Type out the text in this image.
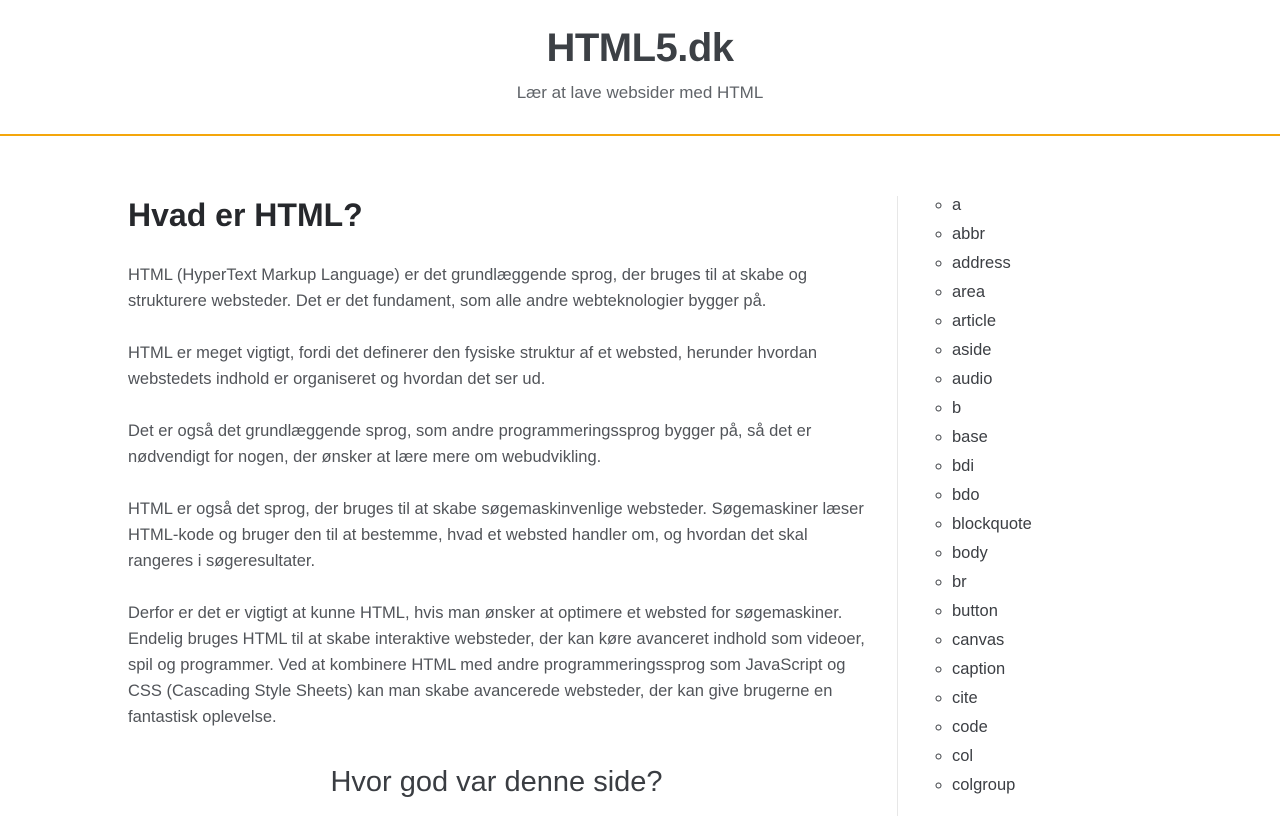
HTML5.dk

Lær at lave websider med HTML

Hvad er HTML?

HTML (HyperText Markup Language) er det grundlæggende sprog, der bruges til at skabe og strukturere websteder. Det er det fundament, som alle andre webteknologier bygger på.

HTML er meget vigtigt, fordi det definerer den fysiske struktur af et websted, herunder hvordan webstedets indhold er organiseret og hvordan det ser ud.

Det er også det grundlæggende sprog, som andre programmeringssprog bygger på, så det er nødvendigt for nogen, der ønsker at lære mere om webudvikling.

HTML er også det sprog, der bruges til at skabe søgemaskinvenlige websteder. Søgemaskiner læser HTML-kode og bruger den til at bestemme, hvad et websted handler om, og hvordan det skal rangeres i søgeresultater.

Derfor er det er vigtigt at kunne HTML, hvis man ønsker at optimere et websted for søgemaskiner. Endelig bruges HTML til at skabe interaktive websteder, der kan køre avanceret indhold som videoer, spil og programmer. Ved at kombinere HTML med andre programmeringssprog som JavaScript og CSS (Cascading Style Sheets) kan man skabe avancerede websteder, der kan give brugerne en fantastisk oplevelse.

Hvor god var denne side?
◦ a
◦ abbr
◦ address
◦ area
◦ article
◦ aside
◦ audio
◦ b
◦ base
◦ bdi
◦ bdo
◦ blockquote
◦ body
◦ br
◦ button
◦ canvas
◦ caption
◦ cite
◦ code
◦ col
◦ colgroup
